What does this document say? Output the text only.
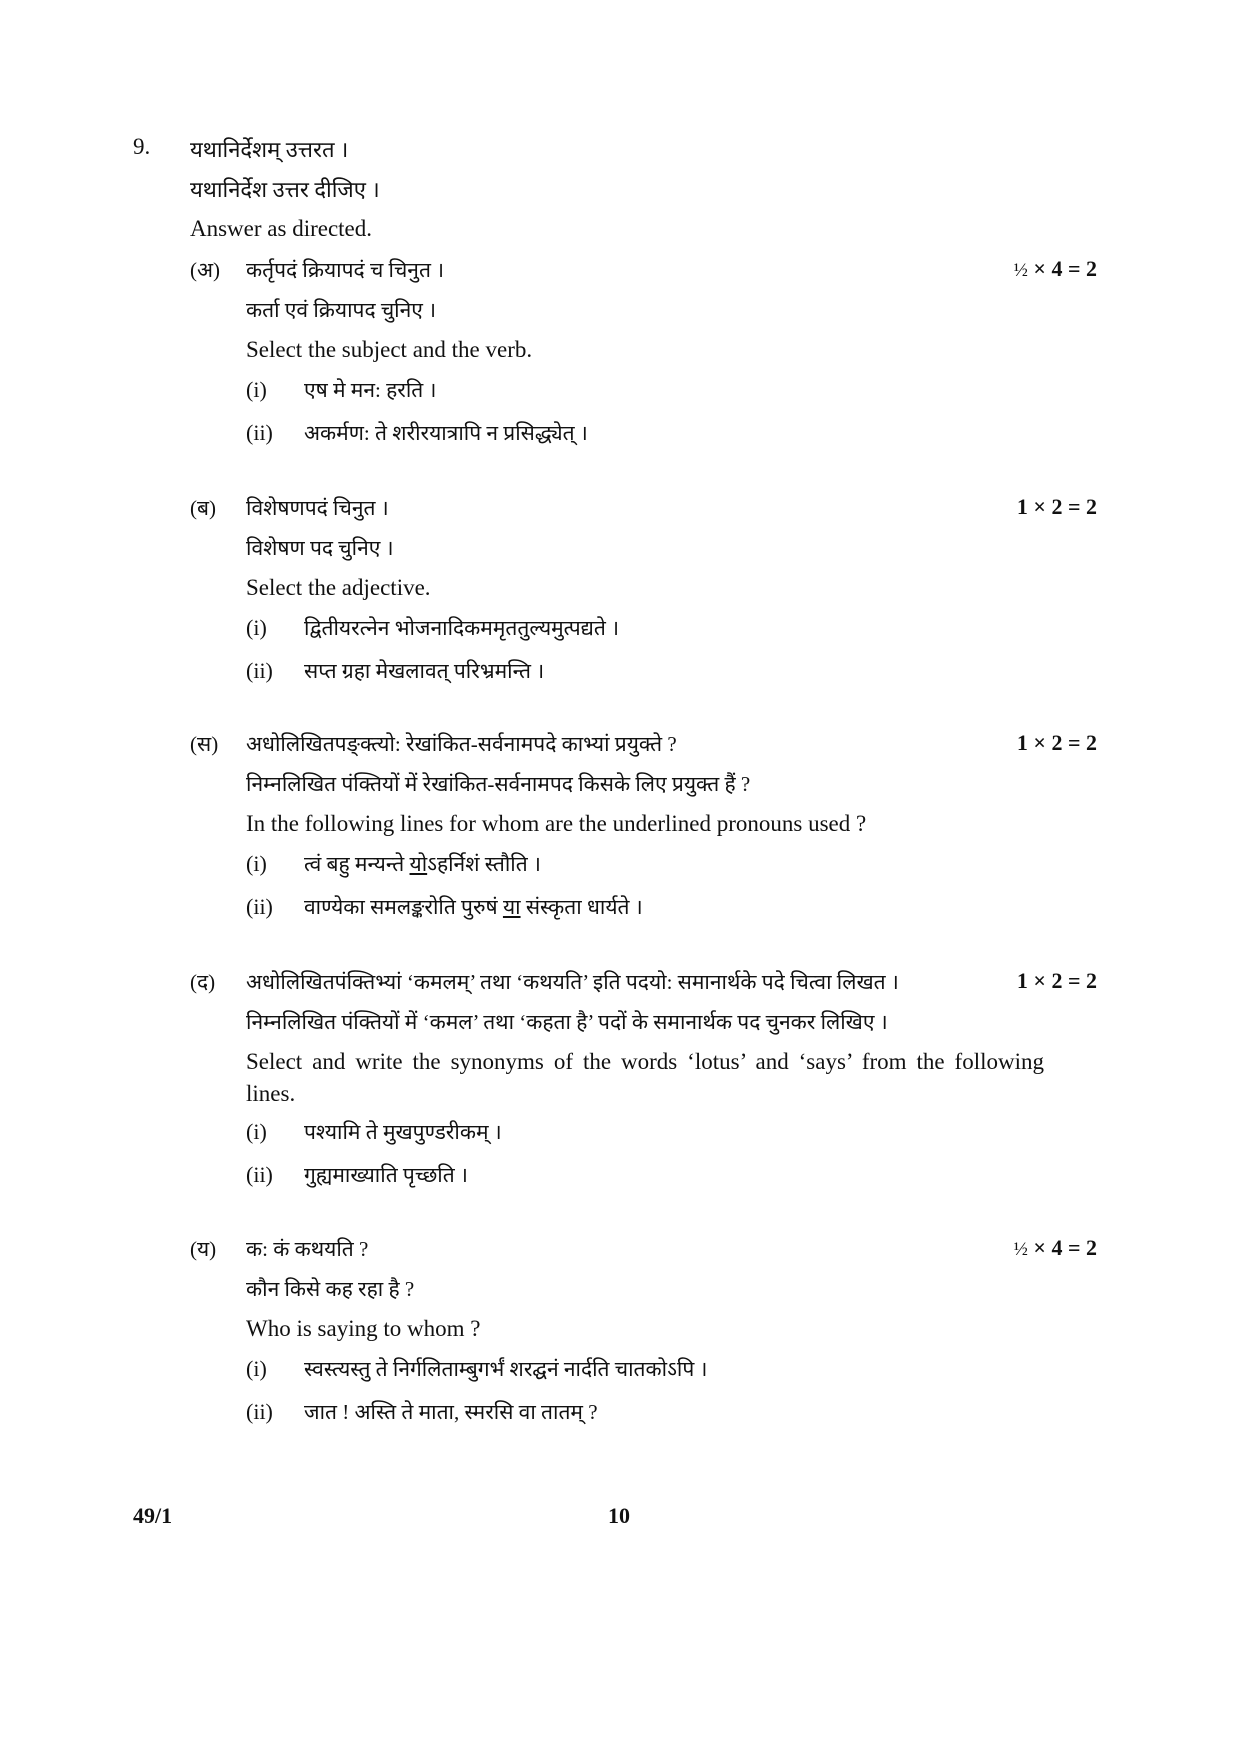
9. यथानिर्देशम् उत्तरत ।
यथानिर्देश उत्तर दीजिए ।
Answer as directed.
(अ) कर्तृपदं क्रियापदं च चिनुत ।	½ × 4 = 2
कर्ता एवं क्रियापद चुनिए ।
Select the subject and the verb.
(i) एष मे मन: हरति ।
(ii) अकर्मण: ते शरीरयात्रापि न प्रसिद्ध्येत् ।
(ब) विशेषणपदं चिनुत ।	1 × 2 = 2
विशेषण पद चुनिए ।
Select the adjective.
(i) द्वितीयरत्नेन भोजनादिकममृततुल्यमुत्पद्यते ।
(ii) सप्त ग्रहा मेखलावत् परिभ्रमन्ति ।
(स) अधोलिखितपङ्क्त्यो: रेखांकित-सर्वनामपदे काभ्यां प्रयुक्ते ?	1 × 2 = 2
निम्नलिखित पंक्तियों में रेखांकित-सर्वनामपद किसके लिए प्रयुक्त हैं ?
In the following lines for whom are the underlined pronouns used ?
(i) त्वं बहु मन्यन्ते योऽहर्निशं स्तौति ।
(ii) वाण्येका समलङ्करोति पुरुषं या संस्कृता धार्यते ।
(द) अधोलिखितपंक्तिभ्यां ‘कमलम्’ तथा ‘कथयति’ इति पदयो: समानार्थके पदे चित्वा लिखत ।	1 × 2 = 2
निम्नलिखित पंक्तियों में ‘कमल’ तथा ‘कहता है’ पदों के समानार्थक पद चुनकर लिखिए ।
Select and write the synonyms of the words ‘lotus’ and ‘says’ from the following lines.
(i) पश्यामि ते मुखपुण्डरीकम् ।
(ii) गुह्यमाख्याति पृच्छति ।
(य) क: कं कथयति ?	½ × 4 = 2
कौन किसे कह रहा है ?
Who is saying to whom ?
(i) स्वस्त्यस्तु ते निर्गलिताम्बुगर्भं शरद्घनं नार्दति चातकोऽपि ।
(ii) जात ! अस्ति ते माता, स्मरसि वा तातम् ?
49/1	10
